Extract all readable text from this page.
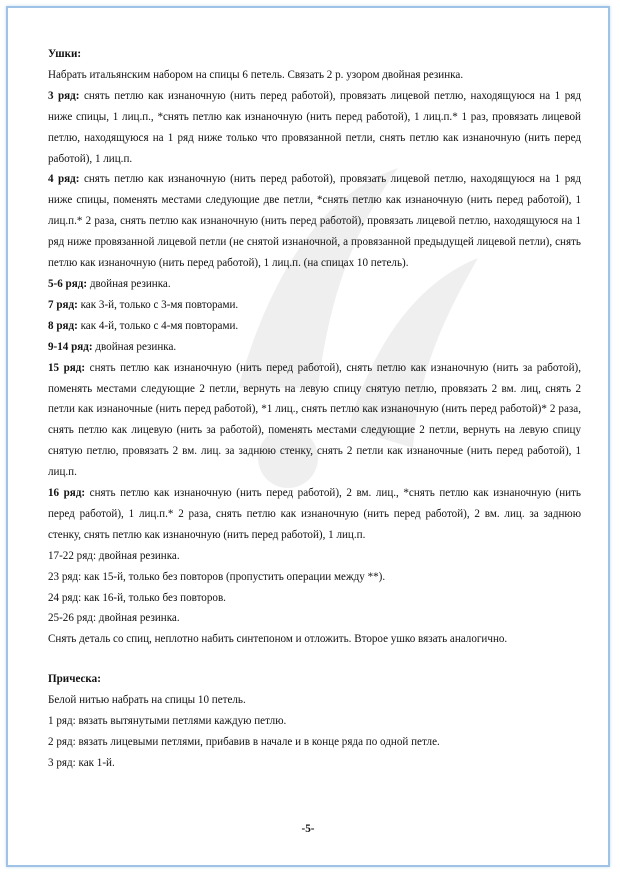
Ушки:

Набрать итальянским набором на спицы 6 петель. Связать 2 р. узором двойная резинка.

3 ряд: снять петлю как изнаночную (нить перед работой), провязать лицевой петлю, находящуюся на 1 ряд ниже спицы, 1 лиц.п., *снять петлю как изнаночную (нить перед работой), 1 лиц.п.* 1 раз, провязать лицевой петлю, находящуюся на 1 ряд ниже только что провязанной петли, снять петлю как изнаночную (нить перед работой), 1 лиц.п.

4 ряд: снять петлю как изнаночную (нить перед работой), провязать лицевой петлю, находящуюся на 1 ряд ниже спицы, поменять местами следующие две петли, *снять петлю как изнаночную (нить перед работой), 1 лиц.п.* 2 раза, снять петлю как изнаночную (нить перед работой), провязать лицевой петлю, находящуюся на 1 ряд ниже провязанной лицевой петли (не снятой изнаночной, а провязанной предыдущей лицевой петли), снять петлю как изнаночную (нить перед работой), 1 лиц.п. (на спицах 10 петель).

5-6 ряд: двойная резинка.

7 ряд: как 3-й, только с 3-мя повторами.

8 ряд: как 4-й, только с 4-мя повторами.

9-14 ряд: двойная резинка.

15 ряд: снять петлю как изнаночную (нить перед работой), снять петлю как изнаночную (нить за работой), поменять местами следующие 2 петли, вернуть на левую спицу снятую петлю, провязать 2 вм. лиц, снять 2 петли как изнаночные (нить перед работой), *1 лиц., снять петлю как изнаночную (нить перед работой)* 2 раза, снять петлю как лицевую (нить за работой), поменять местами следующие 2 петли, вернуть на левую спицу снятую петлю, провязать 2 вм. лиц. за заднюю стенку, снять 2 петли как изнаночные (нить перед работой), 1 лиц.п.

16 ряд: снять петлю как изнаночную (нить перед работой), 2 вм. лиц., *снять петлю как изнаночную (нить перед работой), 1 лиц.п.* 2 раза, снять петлю как изнаночную (нить перед работой), 2 вм. лиц. за заднюю стенку, снять петлю как изнаночную (нить перед работой), 1 лиц.п.

17-22 ряд: двойная резинка.

23 ряд: как 15-й, только без повторов (пропустить операции между **).

24 ряд: как 16-й, только без повторов.

25-26 ряд: двойная резинка.

Снять деталь со спиц, неплотно набить синтепоном и отложить. Второе ушко вязать аналогично.

Прическа:

Белой нитью набрать на спицы 10 петель.

1 ряд: вязать вытянутыми петлями каждую петлю.

2 ряд: вязать лицевыми петлями, прибавив в начале и в конце ряда по одной петле.

3 ряд: как 1-й.

-5-
